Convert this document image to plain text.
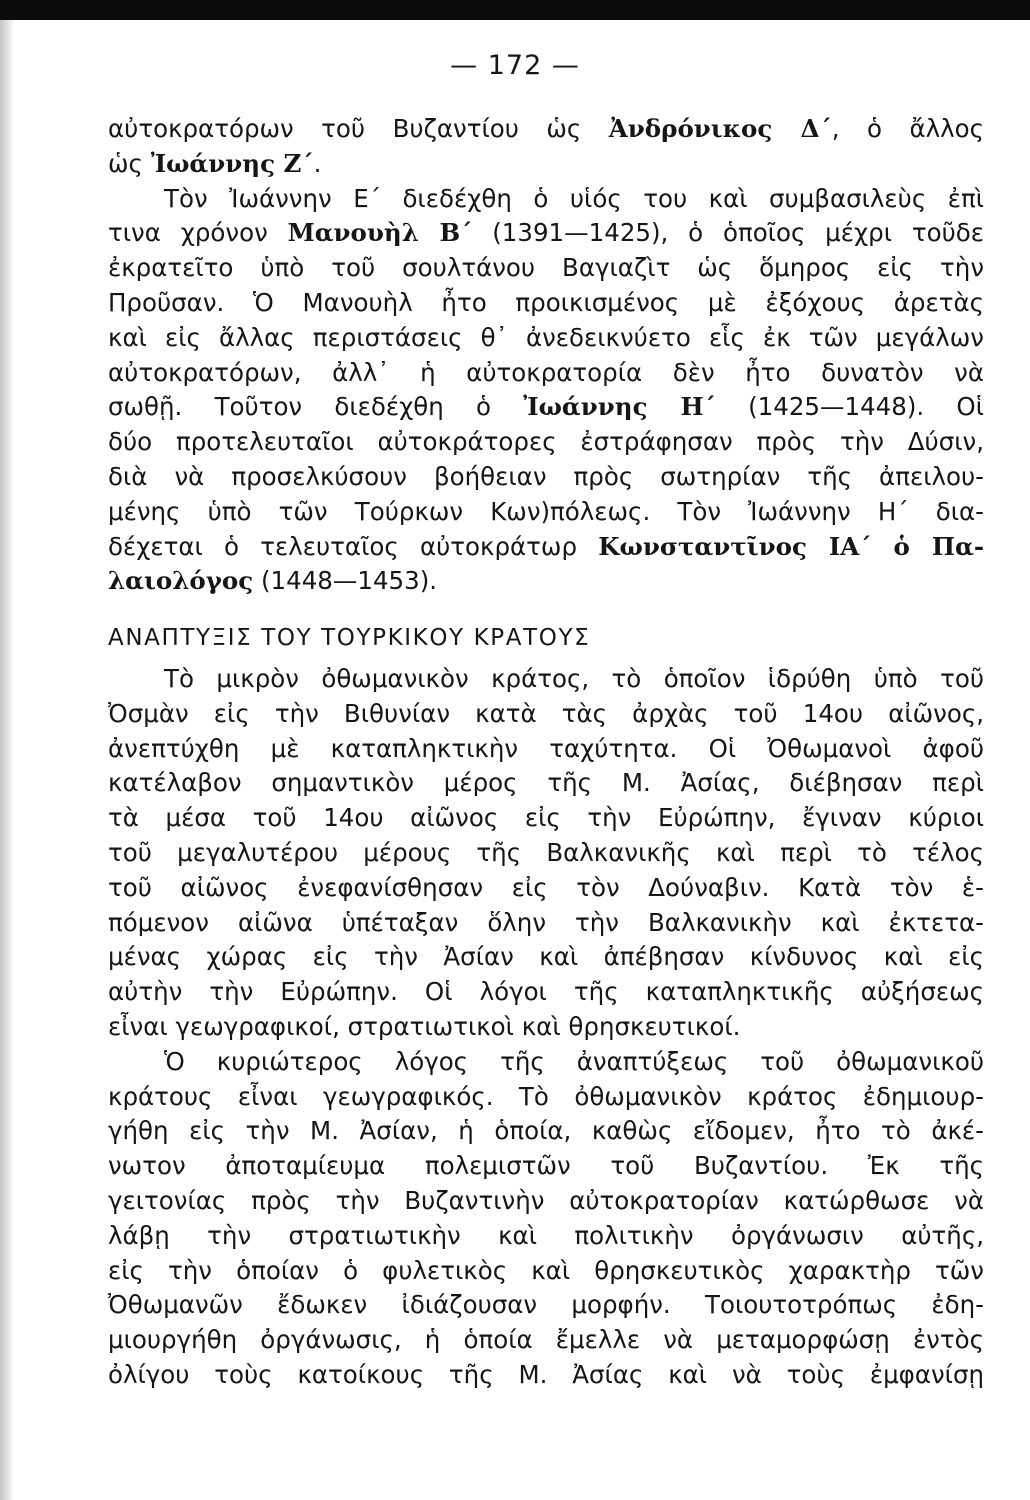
— 172 —
αὐτοκρατόρων τοῦ Βυζαντίου ὡς Ἀνδρόνικος Δ΄, ὁ ἄλλος
ὡς Ἰωάννης Ζ΄.
Τὸν Ἰωάννην Ε΄ διεδέχθη ὁ υἱός του καὶ συμβασιλεὺς ἐπὶ
τινα χρόνον Μανουὴλ Β΄ (1391—1425), ὁ ὁποῖος μέχρι τοῦδε
ἐκρατεῖτο ὑπὸ τοῦ σουλτάνου Βαγιαζὶτ ὡς ὅμηρος εἰς τὴν
Προῦσαν. Ὁ Μανουὴλ ἦτο προικισμένος μὲ ἐξόχους ἀρετὰς
καὶ εἰς ἄλλας περιστάσεις θ᾽ ἀνεδεικνύετο εἷς ἐκ τῶν μεγάλων
αὐτοκρατόρων, ἀλλ᾽ ἡ αὐτοκρατορία δὲν ἦτο δυνατὸν νὰ
σωθῇ. Τοῦτον διεδέχθη ὁ Ἰωάννης Η΄ (1425—1448). Οἱ
δύο προτελευταῖοι αὐτοκράτορες ἐστράφησαν πρὸς τὴν Δύσιν,
διὰ νὰ προσελκύσουν βοήθειαν πρὸς σωτηρίαν τῆς ἀπειλου-
μένης ὑπὸ τῶν Τούρκων Κων)πόλεως. Τὸν Ἰωάννην Η΄ δια-
δέχεται ὁ τελευταῖος αὐτοκράτωρ Κωνσταντῖνος ΙΑ΄ ὁ Πα-
λαιολόγος (1448—1453).
ΑΝΑΠΤΥΞΙΣ ΤΟΥ ΤΟΥΡΚΙΚΟΥ ΚΡΑΤΟΥΣ
Τὸ μικρὸν ὀθωμανικὸν κράτος, τὸ ὁποῖον ἱδρύθη ὑπὸ τοῦ
Ὀσμὰν εἰς τὴν Βιθυνίαν κατὰ τὰς ἀρχὰς τοῦ 14ου αἰῶνος,
ἀνεπτύχθη μὲ καταπληκτικὴν ταχύτητα. Οἱ Ὀθωμανοὶ ἀφοῦ
κατέλαβον σημαντικὸν μέρος τῆς Μ. Ἀσίας, διέβησαν περὶ
τὰ μέσα τοῦ 14ου αἰῶνος εἰς τὴν Εὐρώπην, ἔγιναν κύριοι
τοῦ μεγαλυτέρου μέρους τῆς Βαλκανικῆς καὶ περὶ τὸ τέλος
τοῦ αἰῶνος ἐνεφανίσθησαν εἰς τὸν Δούναβιν. Κατὰ τὸν ἑ-
πόμενον αἰῶνα ὑπέταξαν ὅλην τὴν Βαλκανικὴν καὶ ἐκτετα-
μένας χώρας εἰς τὴν Ἀσίαν καὶ ἀπέβησαν κίνδυνος καὶ εἰς
αὐτὴν τὴν Εὐρώπην. Οἱ λόγοι τῆς καταπληκτικῆς αὐξήσεως
εἶναι γεωγραφικοί, στρατιωτικοὶ καὶ θρησκευτικοί.
Ὁ κυριώτερος λόγος τῆς ἀναπτύξεως τοῦ ὀθωμανικοῦ
κράτους εἶναι γεωγραφικός. Τὸ ὀθωμανικὸν κράτος ἐδημιουρ-
γήθη εἰς τὴν Μ. Ἀσίαν, ἡ ὁποία, καθὼς εἴδομεν, ἦτο τὸ ἀκέ-
νωτον ἀποταμίευμα πολεμιστῶν τοῦ Βυζαντίου. Ἐκ τῆς
γειτονίας πρὸς τὴν Βυζαντινὴν αὐτοκρατορίαν κατώρθωσε νὰ
λάβῃ τὴν στρατιωτικὴν καὶ πολιτικὴν ὀργάνωσιν αὐτῆς,
εἰς τὴν ὁποίαν ὁ φυλετικὸς καὶ θρησκευτικὸς χαρακτὴρ τῶν
Ὀθωμανῶν ἔδωκεν ἰδιάζουσαν μορφήν. Τοιουτοτρόπως ἐδη-
μιουργήθη ὀργάνωσις, ἡ ὁποία ἔμελλε νὰ μεταμορφώσῃ ἐντὸς
ὀλίγου τοὺς κατοίκους τῆς Μ. Ἀσίας καὶ νὰ τοὺς ἐμφανίσῃ
